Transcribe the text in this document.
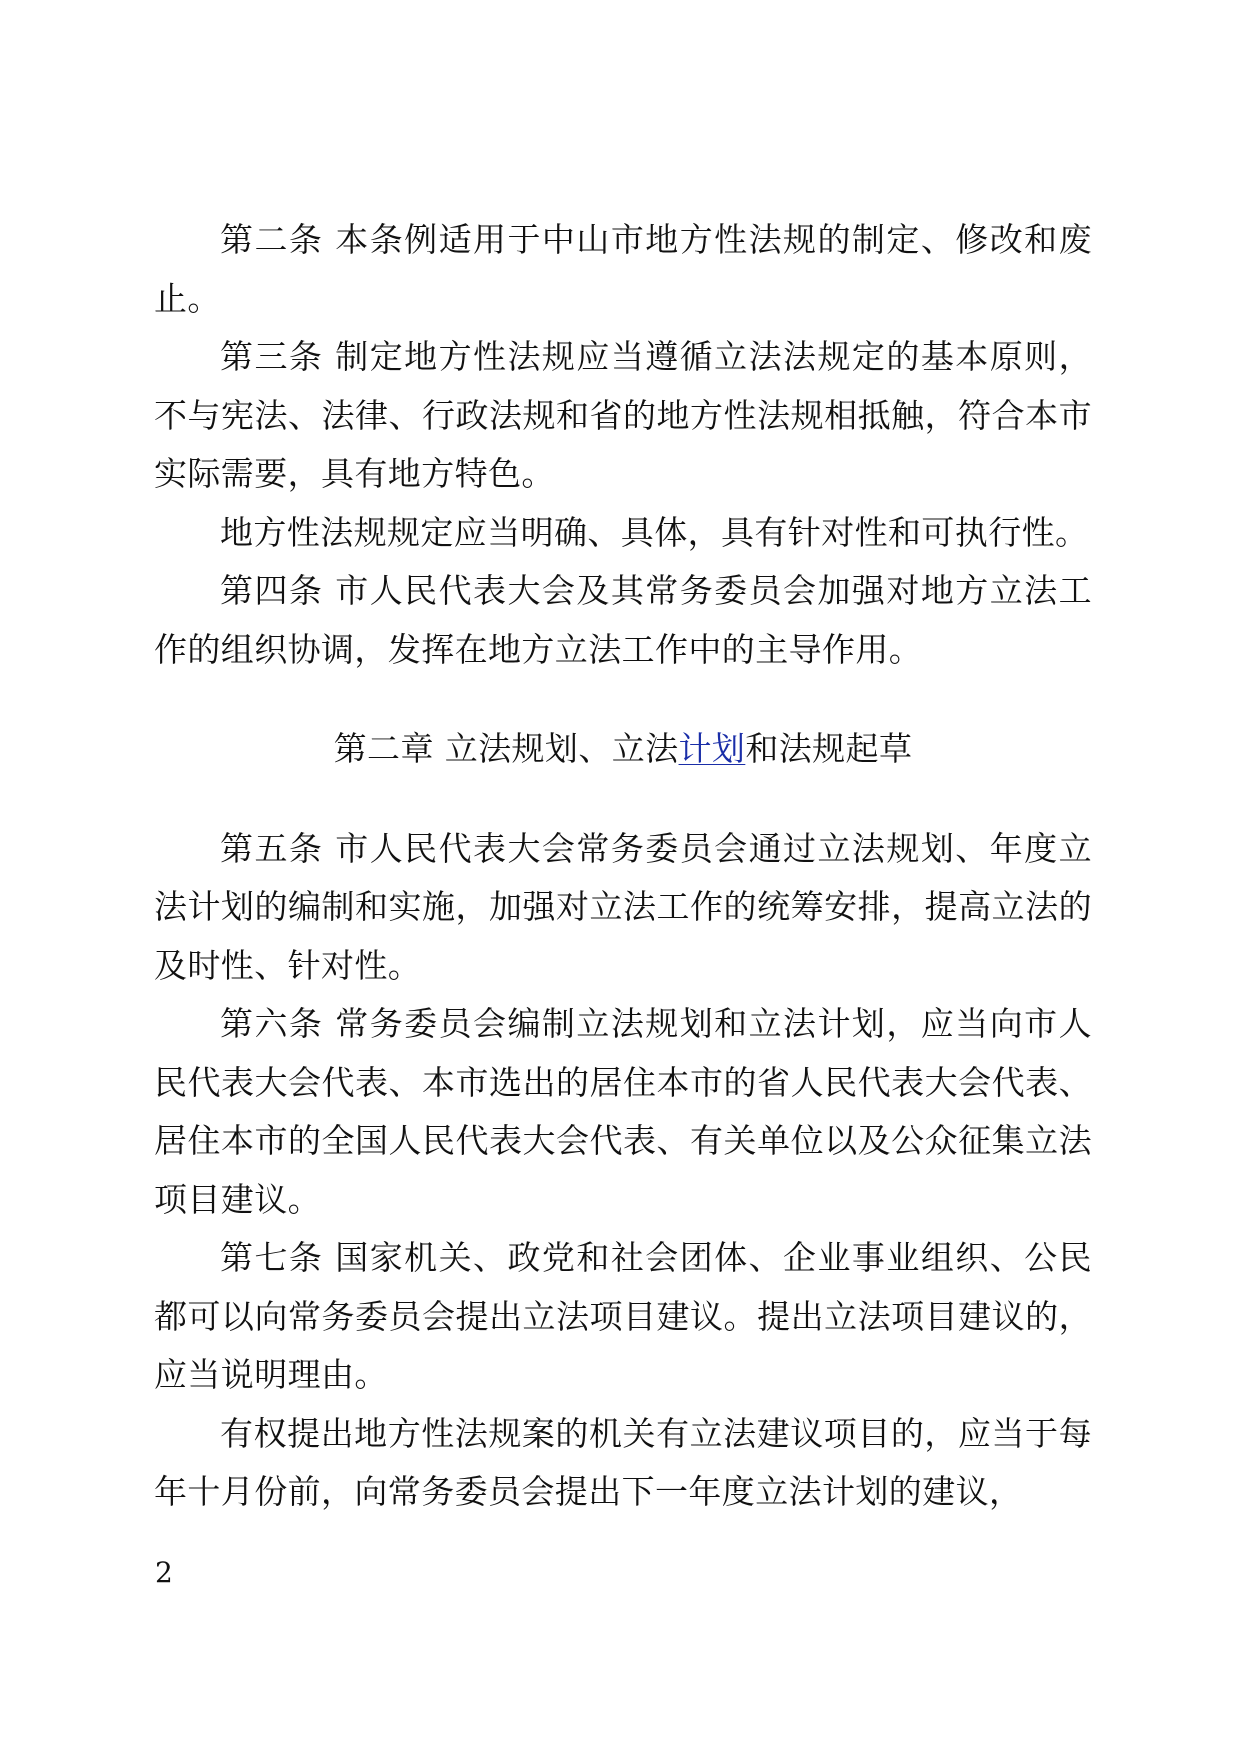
第二条 本条例适用于中山市地方性法规的制定、修改和废止。

第三条 制定地方性法规应当遵循立法法规定的基本原则，不与宪法、法律、行政法规和省的地方性法规相抵触，符合本市实际需要，具有地方特色。

地方性法规规定应当明确、具体，具有针对性和可执行性。

第四条 市人民代表大会及其常务委员会加强对地方立法工作的组织协调，发挥在地方立法工作中的主导作用。

第二章 立法规划、立法计划和法规起草

第五条 市人民代表大会常务委员会通过立法规划、年度立法计划的编制和实施，加强对立法工作的统筹安排，提高立法的及时性、针对性。

第六条 常务委员会编制立法规划和立法计划，应当向市人民代表大会代表、本市选出的居住本市的省人民代表大会代表、居住本市的全国人民代表大会代表、有关单位以及公众征集立法项目建议。

第七条 国家机关、政党和社会团体、企业事业组织、公民都可以向常务委员会提出立法项目建议。提出立法项目建议的，应当说明理由。

有权提出地方性法规案的机关有立法建议项目的，应当于每年十月份前，向常务委员会提出下一年度立法计划的建议，

2
